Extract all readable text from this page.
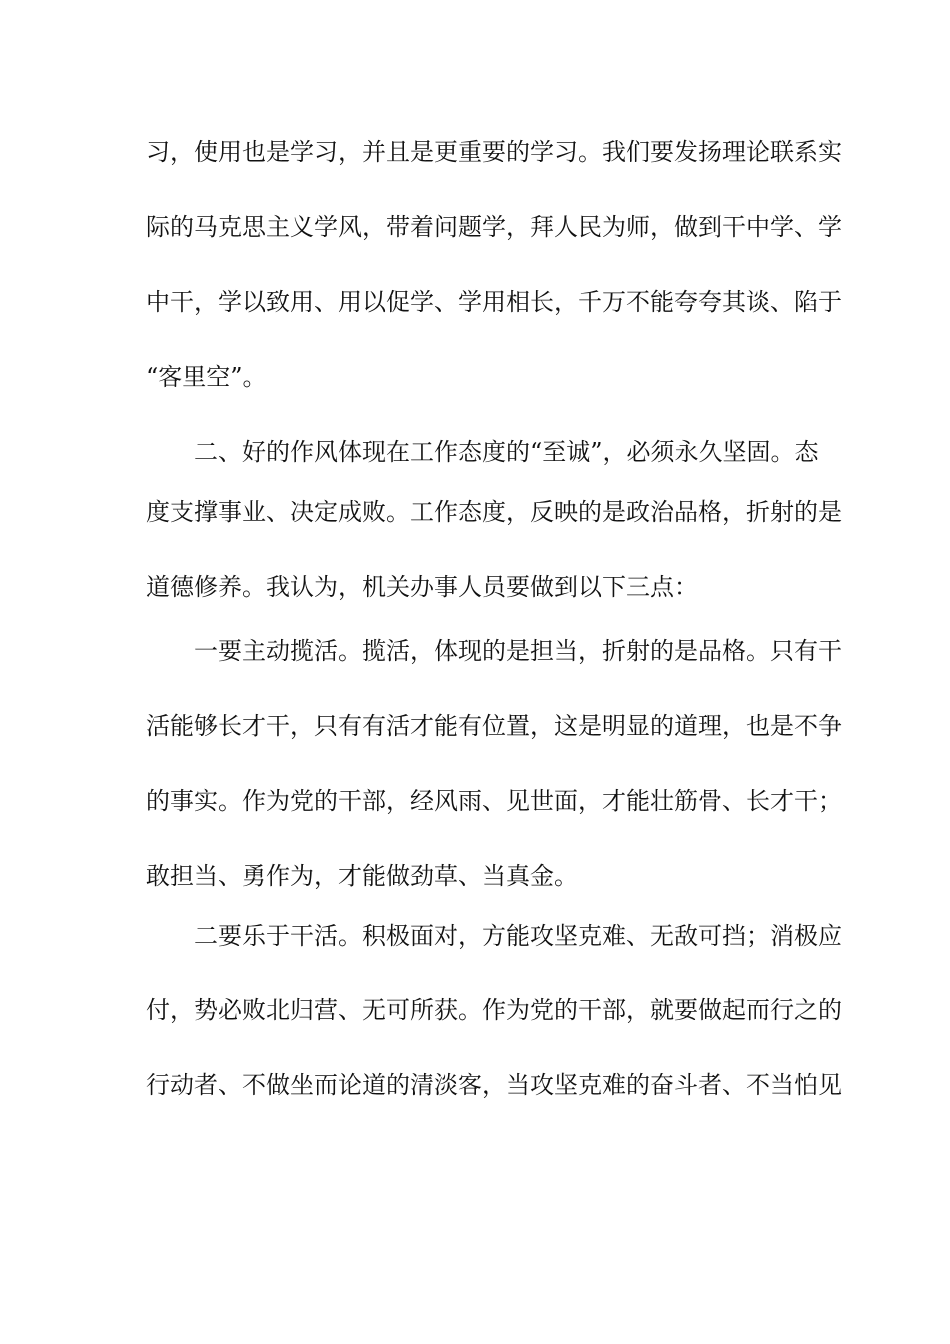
习，使用也是学习，并且是更重要的学习。我们要发扬理论联系实
际的马克思主义学风，带着问题学，拜人民为师，做到干中学、学
中干，学以致用、用以促学、学用相长，千万不能夸夸其谈、陷于
“客里空”。
二、好的作风体现在工作态度的“至诚”，必须永久坚固。态
度支撑事业、决定成败。工作态度，反映的是政治品格，折射的是
道德修养。我认为，机关办事人员要做到以下三点：
一要主动揽活。揽活，体现的是担当，折射的是品格。只有干
活能够长才干，只有有活才能有位置，这是明显的道理，也是不争
的事实。作为党的干部，经风雨、见世面，才能壮筋骨、长才干；
敢担当、勇作为，才能做劲草、当真金。
二要乐于干活。积极面对，方能攻坚克难、无敌可挡；消极应
付，势必败北归营、无可所获。作为党的干部，就要做起而行之的
行动者、不做坐而论道的清淡客，当攻坚克难的奋斗者、不当怕见
